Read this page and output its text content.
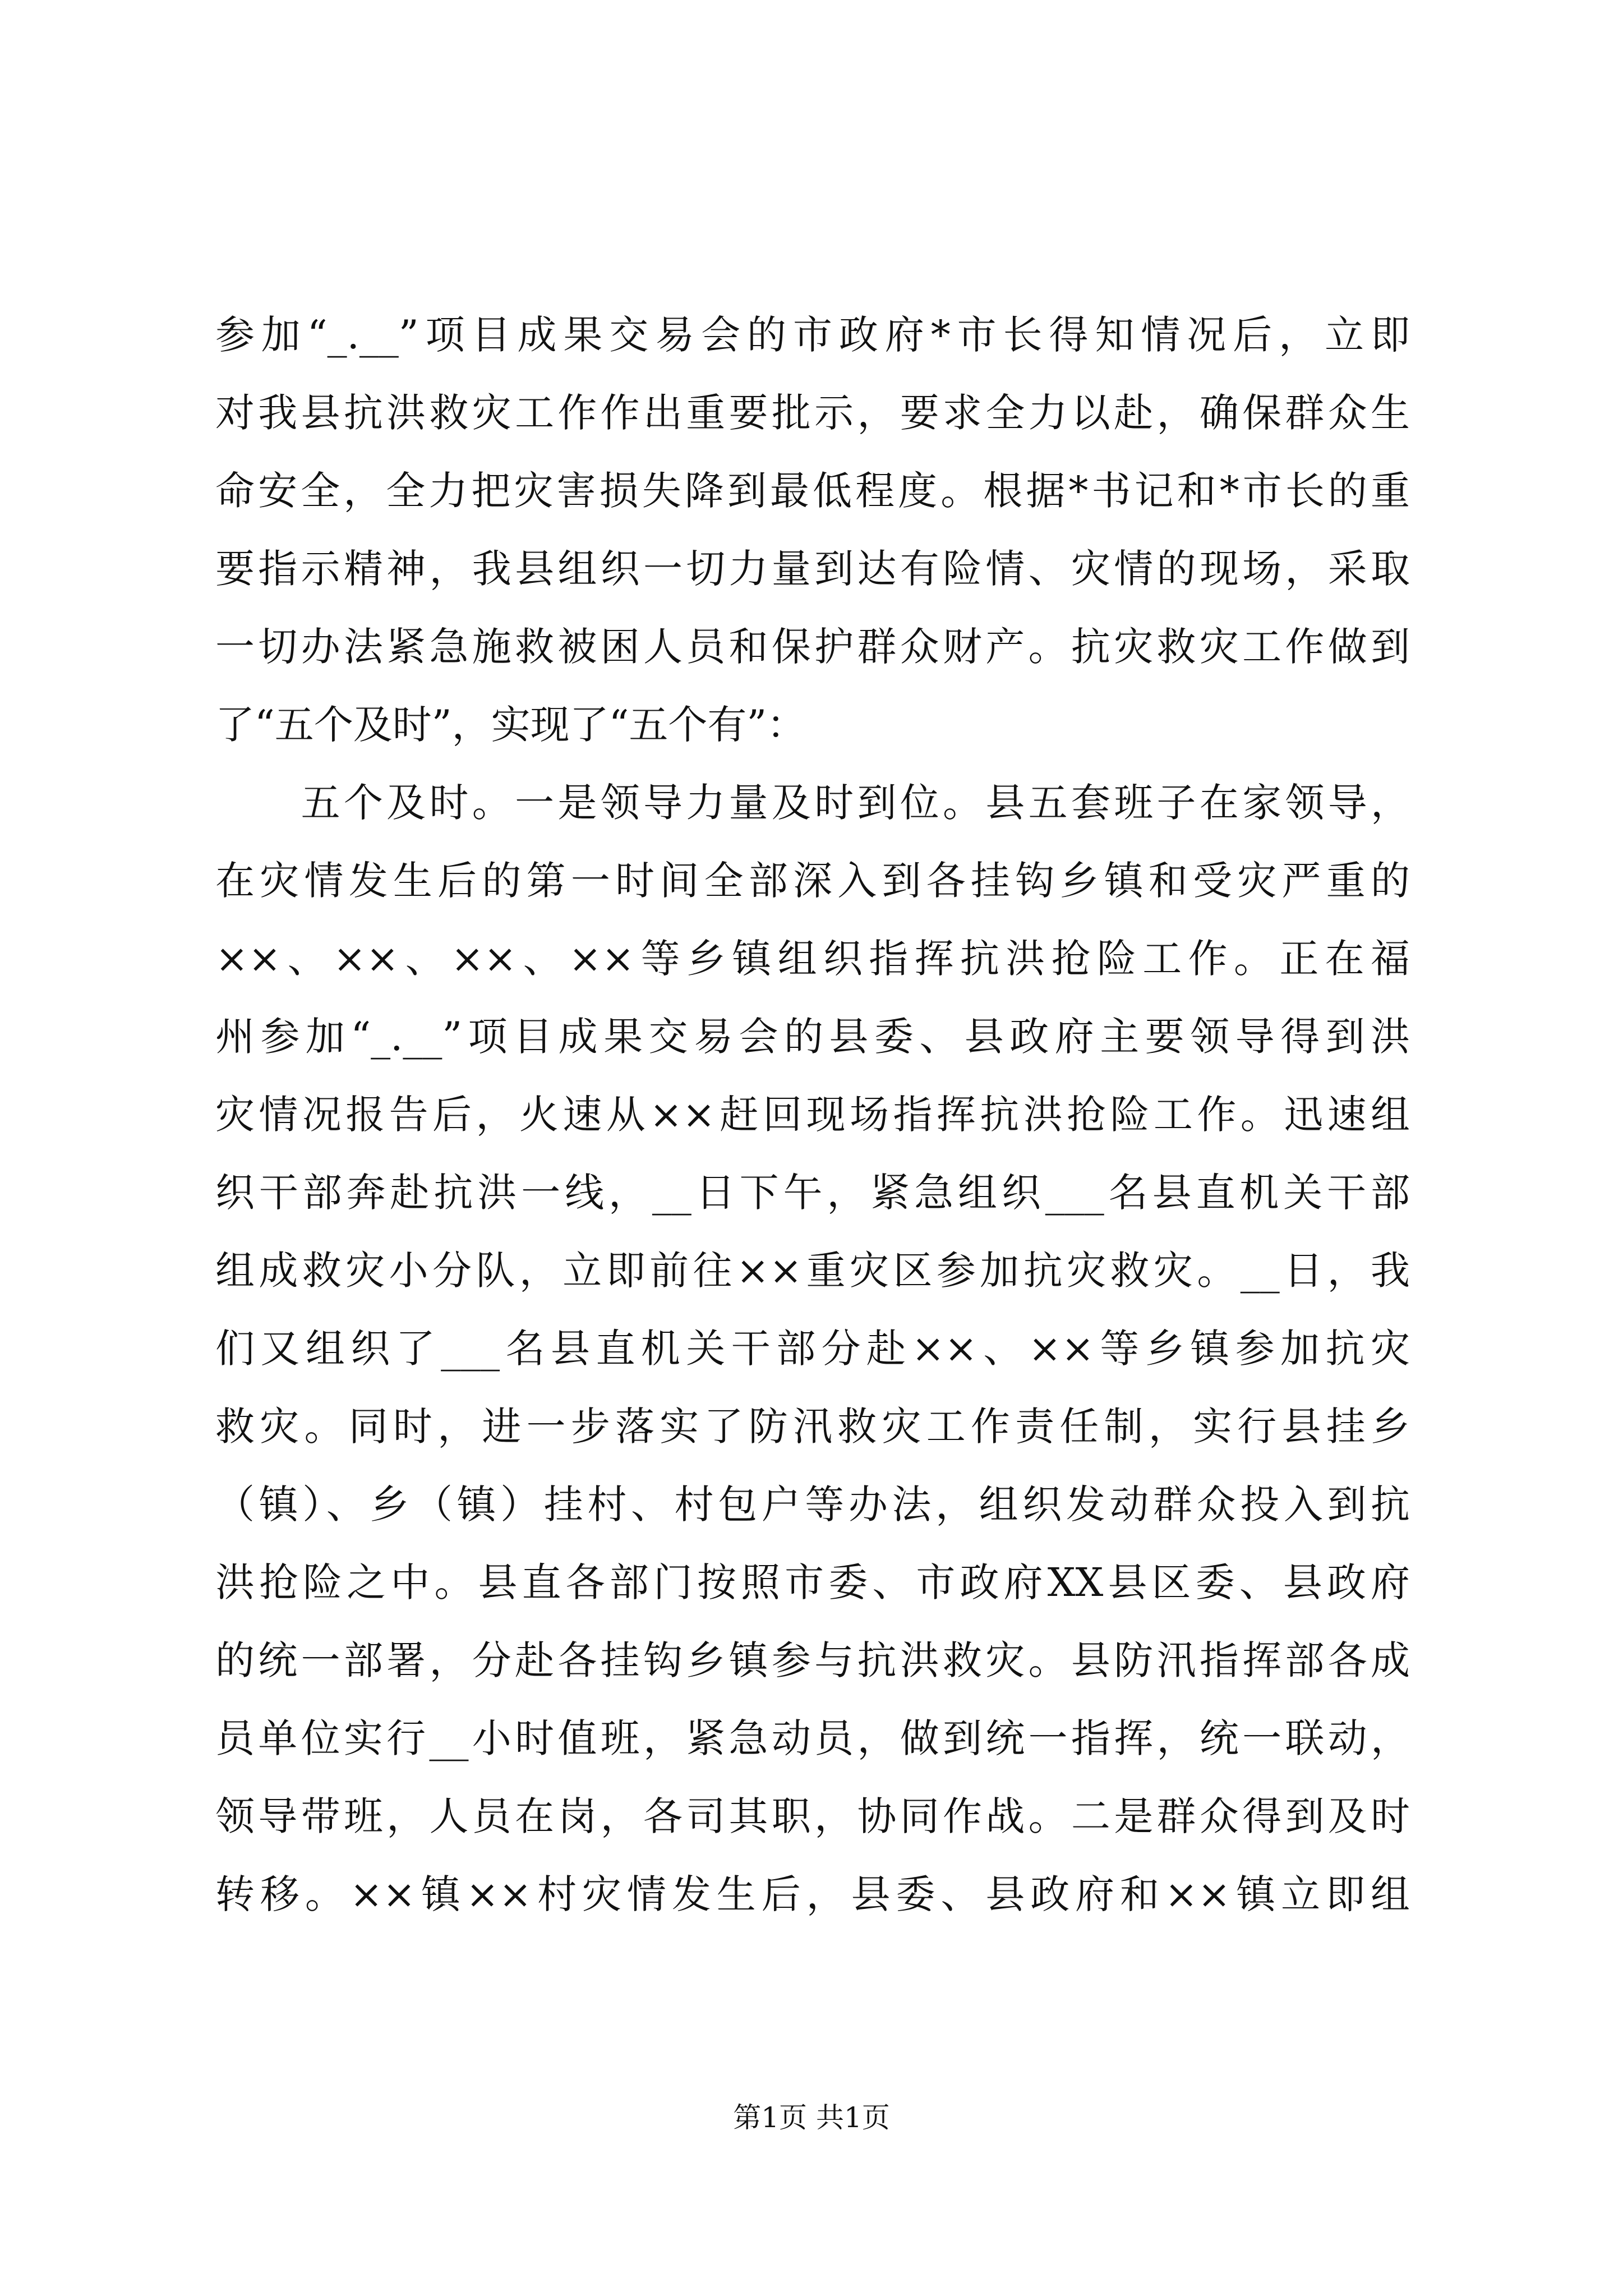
参加“_.__”项目成果交易会的市政府*市长得知情况后，立即
对我县抗洪救灾工作作出重要批示，要求全力以赴，确保群众生
命安全，全力把灾害损失降到最低程度。根据*书记和*市长的重
要指示精神，我县组织一切力量到达有险情、灾情的现场，采取
一切办法紧急施救被困人员和保护群众财产。抗灾救灾工作做到
了“五个及时”，实现了“五个有”：
　　五个及时。一是领导力量及时到位。县五套班子在家领导，
在灾情发生后的第一时间全部深入到各挂钩乡镇和受灾严重的
××、××、××、××等乡镇组织指挥抗洪抢险工作。正在福
州参加“_.__”项目成果交易会的县委、县政府主要领导得到洪
灾情况报告后，火速从××赶回现场指挥抗洪抢险工作。迅速组
织干部奔赴抗洪一线，__日下午，紧急组织___名县直机关干部
组成救灾小分队，立即前往××重灾区参加抗灾救灾。__日，我
们又组织了___名县直机关干部分赴××、××等乡镇参加抗灾
救灾。同时，进一步落实了防汛救灾工作责任制，实行县挂乡
（镇）、乡（镇）挂村、村包户等办法，组织发动群众投入到抗
洪抢险之中。县直各部门按照市委、市政府XX县区委、县政府
的统一部署，分赴各挂钩乡镇参与抗洪救灾。县防汛指挥部各成
员单位实行__小时值班，紧急动员，做到统一指挥，统一联动，
领导带班，人员在岗，各司其职，协同作战。二是群众得到及时
转移。××镇××村灾情发生后，县委、县政府和××镇立即组
第1页 共1页
